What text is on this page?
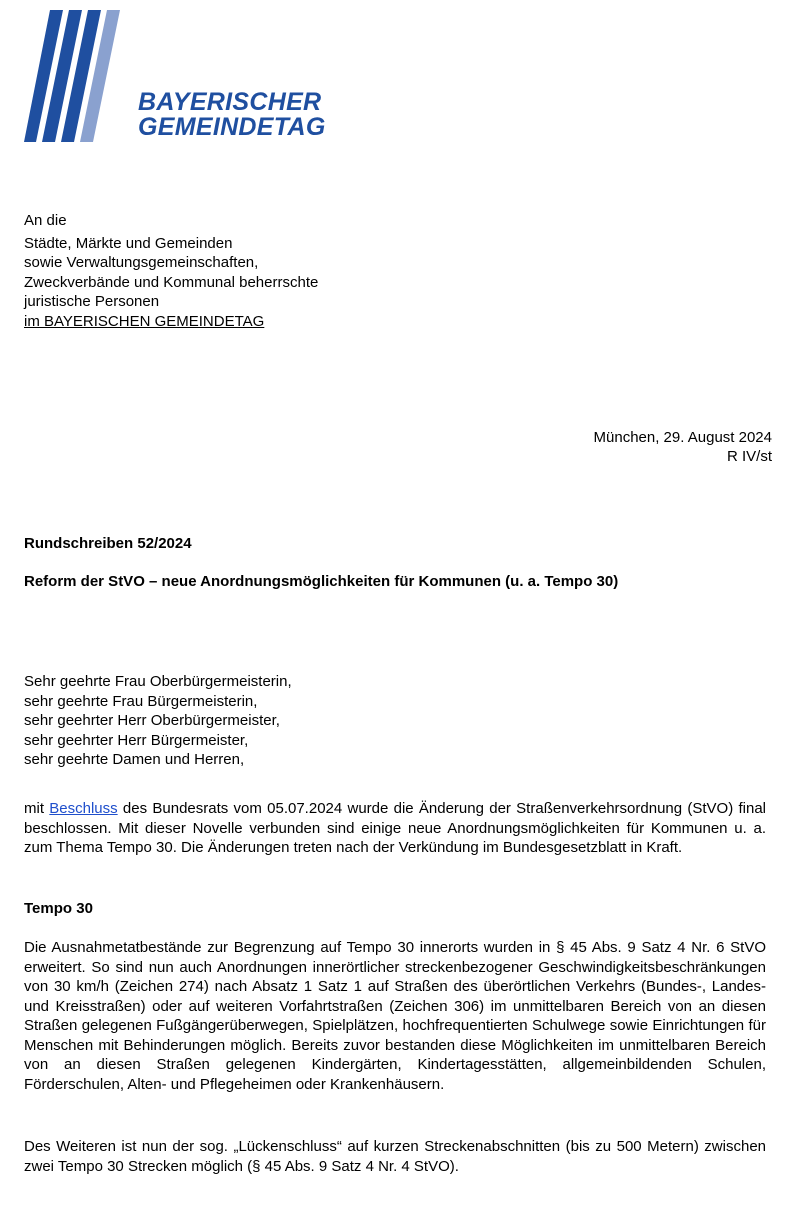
BAYERISCHER
GEMEINDETAG
An die
Städte, Märkte und Gemeinden
sowie Verwaltungsgemeinschaften,
Zweckverbände und Kommunal beherrschte
juristische Personen
im BAYERISCHEN GEMEINDETAG
München, 29. August 2024
R IV/st
Rundschreiben 52/2024
Reform der StVO – neue Anordnungsmöglichkeiten für Kommunen (u. a. Tempo 30)
Sehr geehrte Frau Oberbürgermeisterin,
sehr geehrte Frau Bürgermeisterin,
sehr geehrter Herr Oberbürgermeister,
sehr geehrter Herr Bürgermeister,
sehr geehrte Damen und Herren,
mit Beschluss des Bundesrats vom 05.07.2024 wurde die Änderung der Straßenverkehrsordnung (StVO) final beschlossen. Mit dieser Novelle verbunden sind einige neue Anordnungsmöglichkeiten für Kommunen u. a. zum Thema Tempo 30. Die Änderungen treten nach der Verkündung im Bundesgesetzblatt in Kraft.
Tempo 30
Die Ausnahmetatbestände zur Begrenzung auf Tempo 30 innerorts wurden in § 45 Abs. 9 Satz 4 Nr. 6 StVO erweitert. So sind nun auch Anordnungen innerörtlicher streckenbezogener Geschwindigkeitsbeschränkungen von 30 km/h (Zeichen 274) nach Absatz 1 Satz 1 auf Straßen des überörtlichen Verkehrs (Bundes-, Landes- und Kreisstraßen) oder auf weiteren Vorfahrtstraßen (Zeichen 306) im unmittelbaren Bereich von an diesen Straßen gelegenen Fußgängerüberwegen, Spielplätzen, hochfrequentierten Schulwege sowie Einrichtungen für Menschen mit Behinderungen möglich. Bereits zuvor bestanden diese Möglichkeiten im unmittelbaren Bereich von an diesen Straßen gelegenen Kindergärten, Kindertagesstätten, allgemeinbildenden Schulen, Förderschulen, Alten- und Pflegeheimen oder Krankenhäusern.
Des Weiteren ist nun der sog. „Lückenschluss“ auf kurzen Streckenabschnitten (bis zu 500 Metern) zwischen zwei Tempo 30 Strecken möglich (§ 45 Abs. 9 Satz 4 Nr. 4 StVO).
